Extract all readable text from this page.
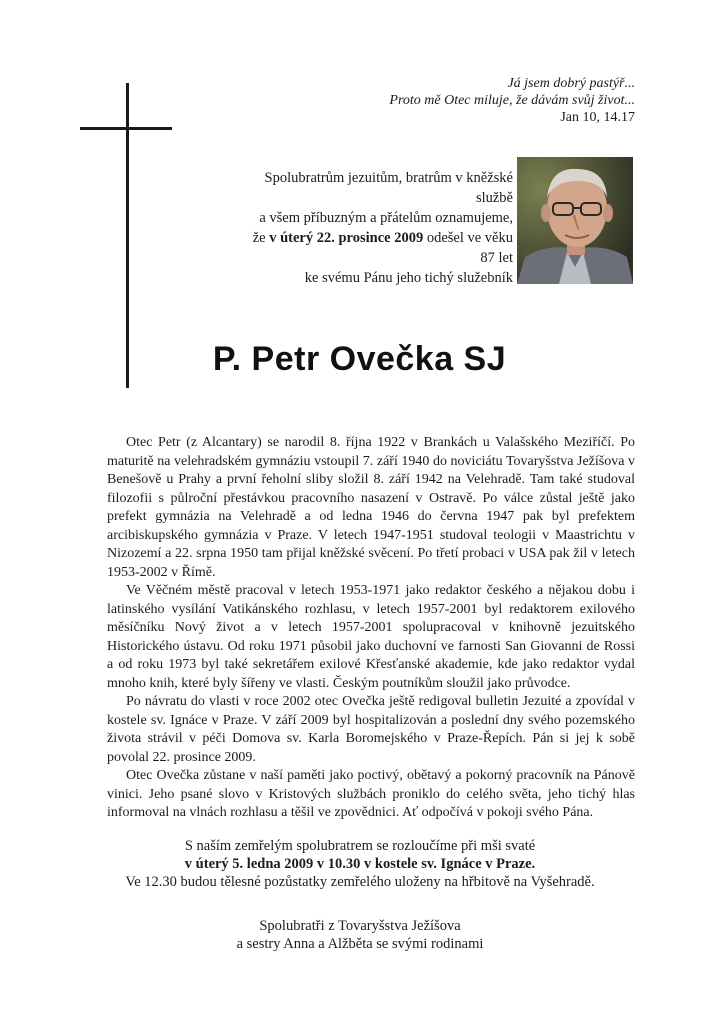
Já jsem dobrý pastýř...
Proto mě Otec miluje, že dávám svůj život...
Jan 10, 14.17
Spolubratrům jezuitům, bratrům v kněžské službě
a všem příbuzným a přátelům oznamujeme,
že v úterý 22. prosince 2009 odešel ve věku 87 let
ke svému Pánu jeho tichý služebník
P. Petr Ovečka SJ

Otec Petr (z Alcantary) se narodil 8. října 1922 v Brankách u Valašského Meziříčí. Po maturitě na velehradském gymnáziu vstoupil 7. září 1940 do noviciátu Tovaryšstva Ježíšova v Benešově u Prahy a první řeholní sliby složil 8. září 1942 na Velehradě. Tam také studoval filozofii s půlroční přestávkou pracovního nasazení v Ostravě. Po válce zůstal ještě jako prefekt gymnázia na Velehradě a od ledna 1946 do června 1947 pak byl prefektem arcibiskupského gymnázia v Praze. V letech 1947-1951 studoval teologii v Maastrichtu v Nizozemí a 22. srpna 1950 tam přijal kněžské svěcení. Po třetí probaci v USA pak žil v letech 1953-2002 v Římě.

Ve Věčném městě pracoval v letech 1953-1971 jako redaktor českého a nějakou dobu i latinského vysílání Vatikánského rozhlasu, v letech 1957-2001 byl redaktorem exilového měsíčníku Nový život a v letech 1957-2001 spolupracoval v knihovně jezuitského Historického ústavu. Od roku 1971 působil jako duchovní ve farnosti San Giovanni de Rossi a od roku 1973 byl také sekretářem exilové Křesťanské akademie, kde jako redaktor vydal mnoho knih, které byly šířeny ve vlasti. Českým poutníkům sloužil jako průvodce.

Po návratu do vlasti v roce 2002 otec Ovečka ještě redigoval bulletin Jezuité a zpovídal v kostele sv. Ignáce v Praze. V září 2009 byl hospitalizován a poslední dny svého pozemského života strávil v péči Domova sv. Karla Boromejského v Praze-Řepích. Pán si jej k sobě povolal 22. prosince 2009.

Otec Ovečka zůstane v naší paměti jako poctivý, obětavý a pokorný pracovník na Pánově vinici. Jeho psané slovo v Kristových službách proniklo do celého světa, jeho tichý hlas informoval na vlnách rozhlasu a těšil ve zpovědnici. Ať odpočívá v pokoji svého Pána.

S naším zemřelým spolubratrem se rozloučíme při mši svaté
v úterý 5. ledna 2009 v 10.30 v kostele sv. Ignáce v Praze.
Ve 12.30 budou tělesné pozůstatky zemřelého uloženy na hřbitově na Vyšehradě.
Spolubratři z Tovaryšstva Ježíšova
a sestry Anna a Alžběta se svými rodinami
